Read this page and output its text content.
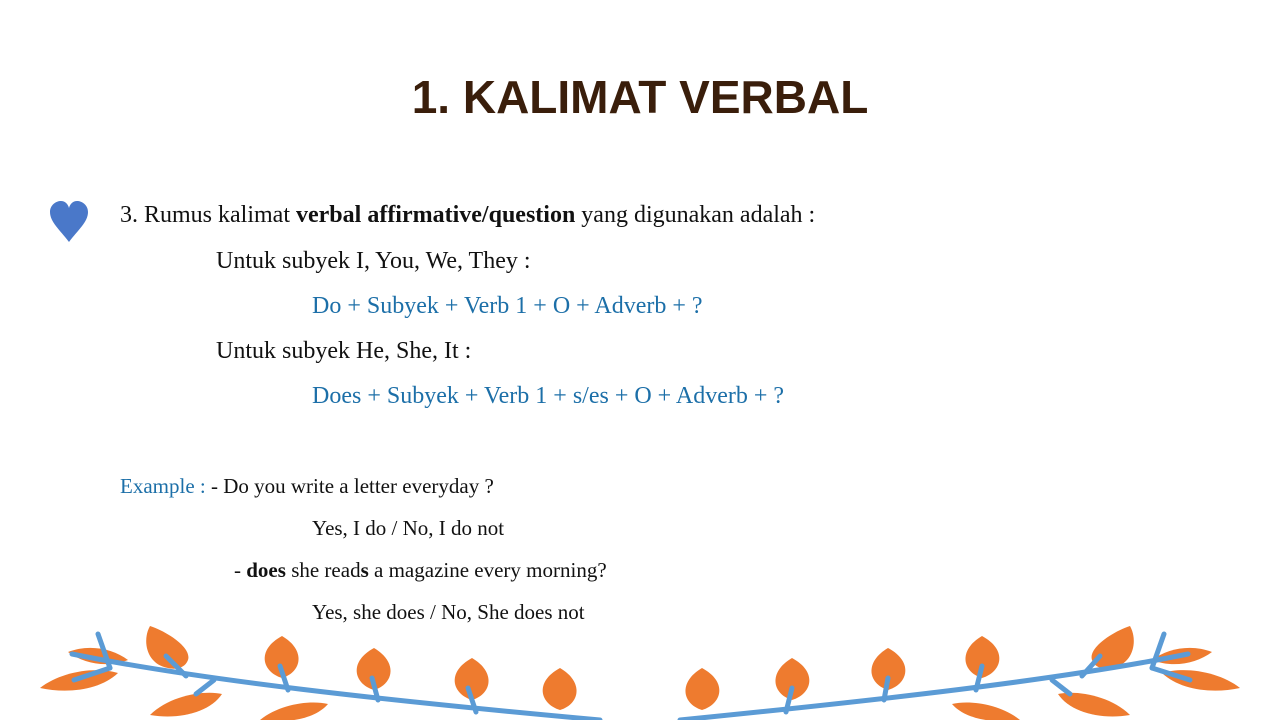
1. KALIMAT VERBAL
3. Rumus kalimat verbal affirmative/question yang digunakan adalah :
Untuk subyek I, You, We, They :
Do + Subyek + Verb 1 + O + Adverb + ?
Untuk subyek He, She, It :
Does + Subyek + Verb 1 + s/es + O + Adverb + ?
Example : - Do you write a letter everyday ?
Yes, I do / No, I do not
- does she reads a magazine every morning?
Yes, she does / No, She does not
